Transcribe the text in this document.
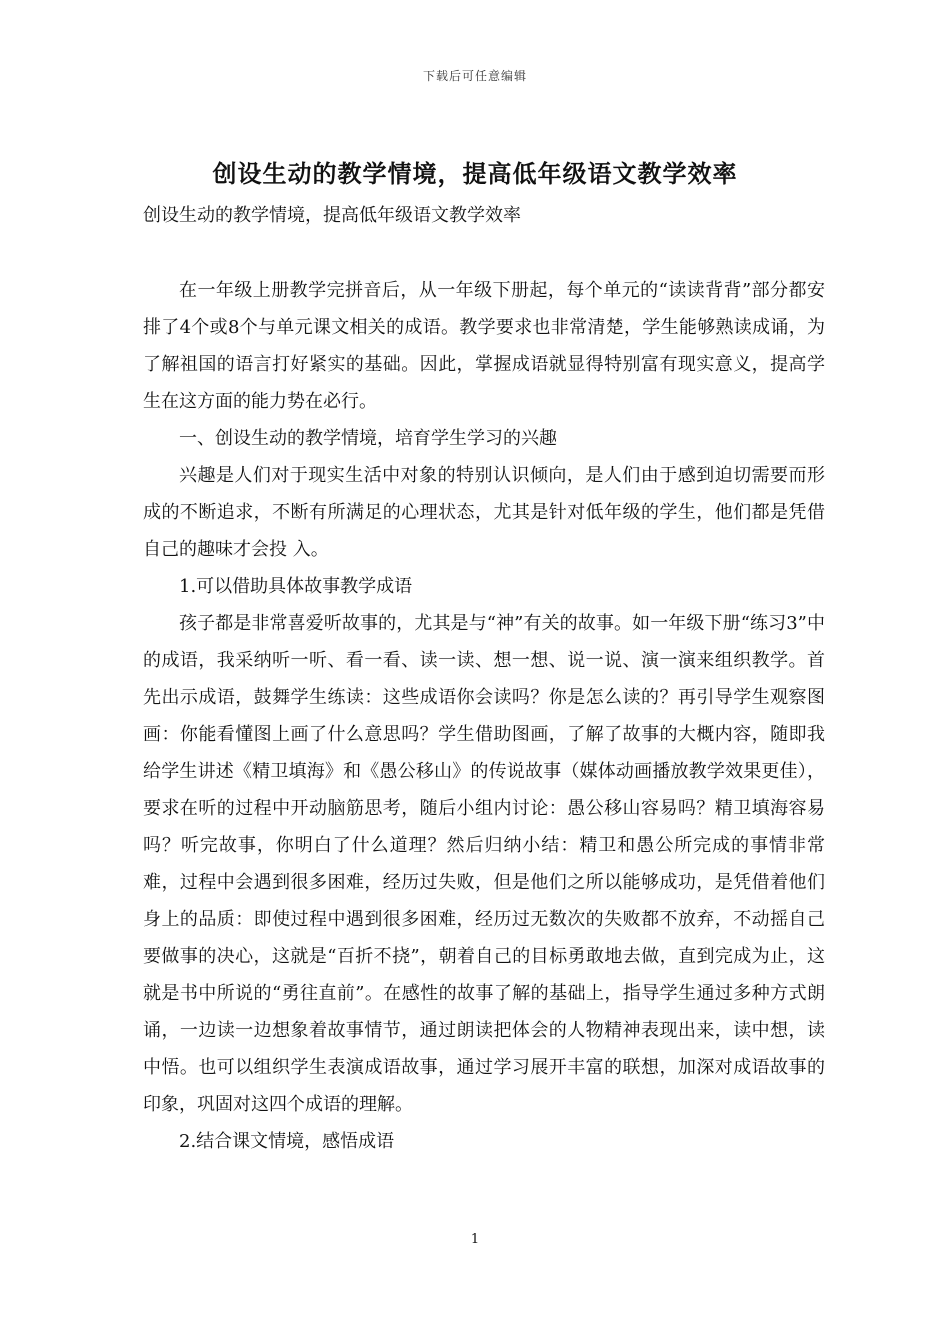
下载后可任意编辑
创设生动的教学情境，提高低年级语文教学效率
创设生动的教学情境，提高低年级语文教学效率

在一年级上册教学完拼音后，从一年级下册起，每个单元的“读读背背”部分都安排了4个或8个与单元课文相关的成语。教学要求也非常清楚，学生能够熟读成诵，为了解祖国的语言打好紧实的基础。因此，掌握成语就显得特别富有现实意义，提高学生在这方面的能力势在必行。

一、创设生动的教学情境，培育学生学习的兴趣

兴趣是人们对于现实生活中对象的特别认识倾向，是人们由于感到迫切需要而形成的不断追求，不断有所满足的心理状态，尤其是针对低年级的学生，他们都是凭借自己的趣味才会投 入。

1.可以借助具体故事教学成语

孩子都是非常喜爱听故事的，尤其是与“神”有关的故事。如一年级下册“练习3”中的成语，我采纳听一听、看一看、读一读、想一想、说一说、演一演来组织教学。首先出示成语，鼓舞学生练读：这些成语你会读吗？你是怎么读的？再引导学生观察图画：你能看懂图上画了什么意思吗？学生借助图画，了解了故事的大概内容，随即我给学生讲述《精卫填海》和《愚公移山》的传说故事（媒体动画播放教学效果更佳），要求在听的过程中开动脑筋思考，随后小组内讨论：愚公移山容易吗？精卫填海容易吗？听完故事，你明白了什么道理？然后归纳小结：精卫和愚公所完成的事情非常难，过程中会遇到很多困难，经历过失败，但是他们之所以能够成功，是凭借着他们身上的品质：即使过程中遇到很多困难，经历过无数次的失败都不放弃，不动摇自己要做事的决心，这就是“百折不挠”，朝着自己的目标勇敢地去做，直到完成为止，这就是书中所说的“勇往直前”。在感性的故事了解的基础上，指导学生通过多种方式朗诵，一边读一边想象着故事情节，通过朗读把体会的人物精神表现出来，读中想，读中悟。也可以组织学生表演成语故事，通过学习展开丰富的联想，加深对成语故事的印象，巩固对这四个成语的理解。

2.结合课文情境，感悟成语

1
